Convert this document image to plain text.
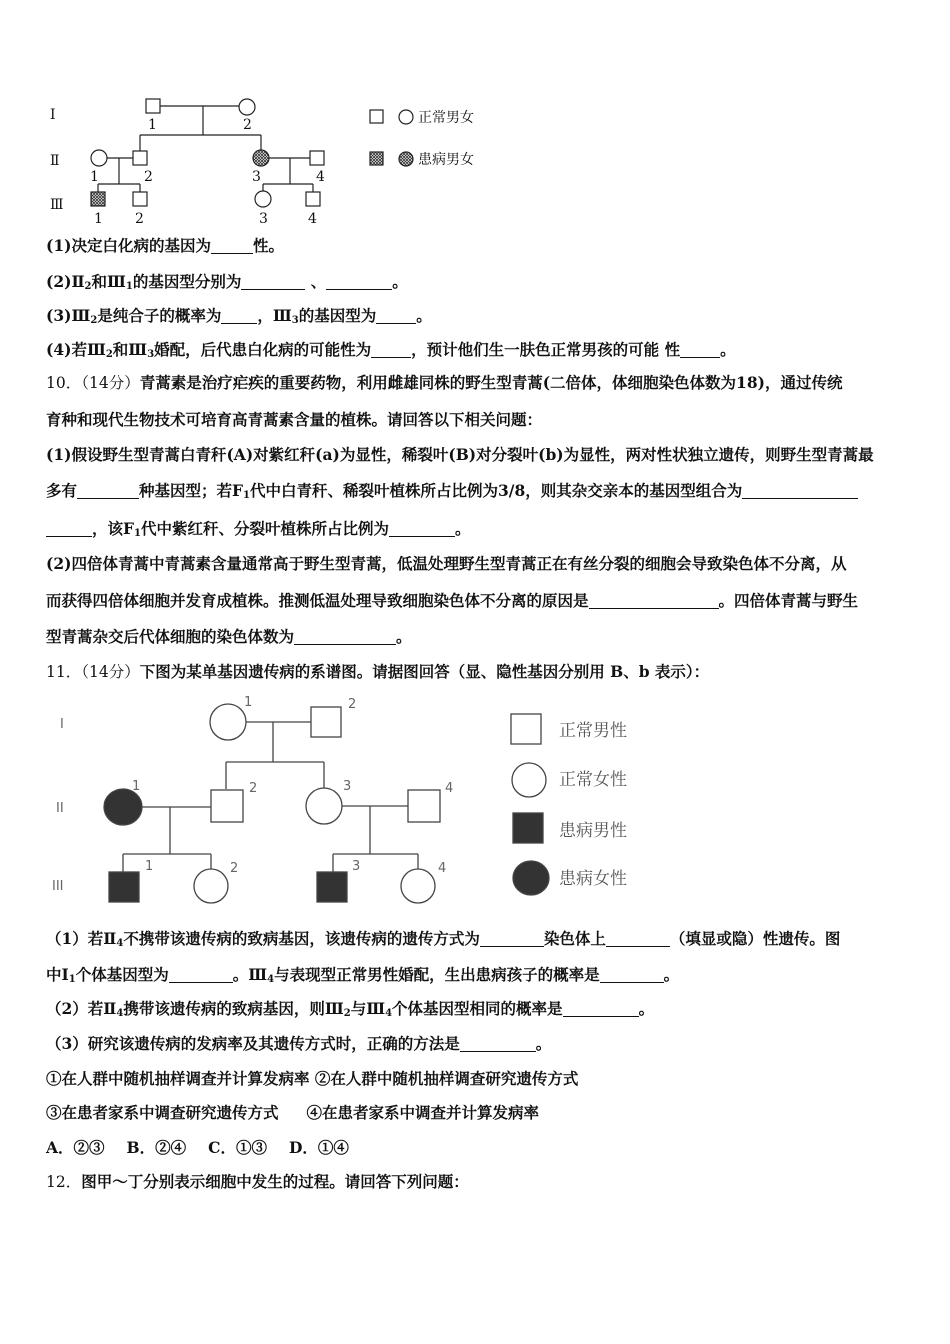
Ⅰ
Ⅱ
Ⅲ
1	2
1	2	3	4
1 2	3	4
正常男女
患病男女
(1)决定白化病的基因为	性。
$(2)Ⅱ_2$和$Ⅲ_1$的基因型分别为	、	。
$(3)Ⅲ_2$是纯合子的概率为 ，$Ⅲ_3$的基因型为	。
(4)若$Ⅲ_2$和$Ⅲ_3$婚配，后代患白化病的可能性为	，预计他们生一肤色正常男孩的可能 性	。
10．（14分）青蒿素是治疗疟疾的重要药物，利用雌雄同株的野生型青蒿(二倍体，体细胞染色体数为18)，通过传统
育种和现代生物技术可培育高青蒿素含量的植株。请回答以下相关问题：
(1)假设野生型青蒿白青秆(A)对紫红秆(a)为显性，稀裂叶(B)对分裂叶(b)为显性，两对性状独立遗传，则野生型青蒿最
多有	种基因型；若$F_1$代中白青秆、稀裂叶植株所占比例为3/8，则其杂交亲本的基因型组合为
，该$F_1$代中紫红秆、分裂叶植株所占比例为	。
(2)四倍体青蒿中青蒿素含量通常高于野生型青蒿，低温处理野生型青蒿正在有丝分裂的细胞会导致染色体不分离，从
而获得四倍体细胞并发育成植株。推测低温处理导致细胞染色体不分离的原因是	。四倍体青蒿与野生
型青蒿杂交后代体细胞的染色体数为	。
11．（14分）下图为某单基因遗传病的系谱图。请据图回答（显、隐性基因分别用 B、b 表示）：
I
II
III
1	2
1	2	3	4
1	2	3	4
正常男性
正常女性
患病男性
患病女性
（1）若$Ⅱ_4$不携带该遗传病的致病基因，该遗传病的遗传方式为	染色体上	（填显或隐）性遗传。图
中$Ⅰ_1$个体基因型为	。$Ⅲ_4$与表现型正常男性婚配，生出患病孩子的概率是	。
（2）若$Ⅱ_4$携带该遗传病的致病基因，则$Ⅲ_2$与$Ⅲ_4$个体基因型相同的概率是	。
（3）研究该遗传病的发病率及其遗传方式时，正确的方法是	。
①在人群中随机抽样调查并计算发病率 ②在人群中随机抽样调查研究遗传方式
③在患者家系中调查研究遗传方式 ④在患者家系中调查并计算发病率
A．②③ B．②④ C．①③ D．①④
12．图甲～丁分别表示细胞中发生的过程。请回答下列问题：
